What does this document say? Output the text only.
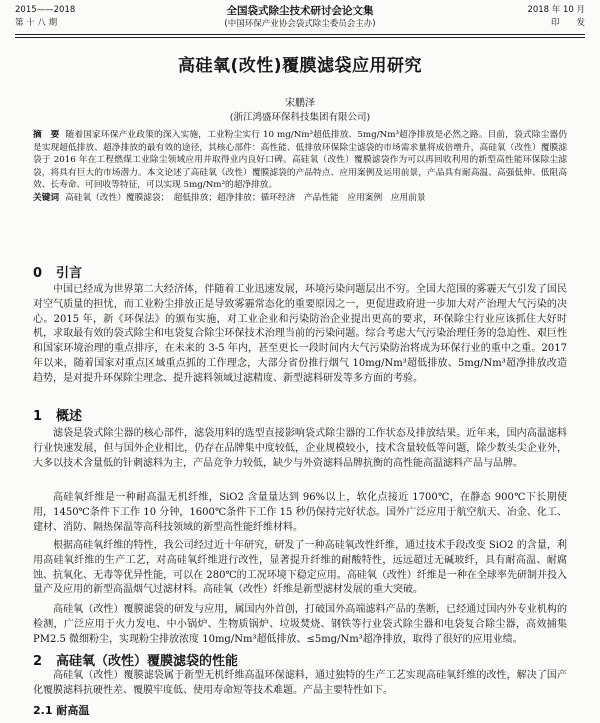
2015——2018
第 十 八 期
全国袋式除尘技术研讨会论文集
(中国环保产业协会袋式除尘委员会主办)
2018 年 10 月
印　　发
高硅氧(改性)覆膜滤袋应用研究
宋鹏泽
(浙江鸿盛环保科技集团有限公司)
摘　要 随着国家环保产业政策的深入实施，工业粉尘实行 10 mg/Nm³超低排放、5mg/Nm³超净排放是必然之路。目前，袋式除尘器仍是实现超低排放、超净排放的最有效的途径，其核心部件：高性能、低排放环保除尘滤袋的市场需求量将成倍增升，高硅氧（改性）覆膜滤袋于 2016 年在工程燃煤工业除尘领域应用并取得业内良好口碑。高硅氧（改性）覆膜滤袋作为可以再回收利用的新型高性能环保除尘滤袋，将具有巨大的市场潜力。本文论述了高硅氧（改性）覆膜滤袋的产品特点、应用案例及运用前景，产品具有耐高温、高强低伸、低阻高效、长寿命、可回收等特征，可以实现 5mg/Nm³的超净排放。
关键词 高硅氧（改性）覆膜滤袋；　超低排放；超净排放；循环经济　产品性能　应用案例　应用前景
0 引言

中国已经成为世界第二大经济体，伴随着工业迅速发展，环境污染问题层出不穷。全国大范围的雾霾天气引发了国民对空气质量的担忧，而工业粉尘排放正是导致雾霾常态化的重要原因之一，更促进政府进一步加大对产治理大气污染的决心。2015 年，新《环保法》的颁布实施，对工业企业和污染防治企业提出更高的要求，环保除尘行业应该抓住大好时机，求取最有效的袋式除尘和电袋复合除尘环保技术治理当前的污染问题。综合考虑大气污染治理任务的急迫性、艰巨性和国家环境治理的重点排序，在未来的 3-5 年内，甚至更长一段时间内大气污染防治将成为环保行业的重中之重。2017 年以来，随着国家对重点区域重点抓的工作理念，大部分省份推行烟气 10mg/Nm³超低排放、5mg/Nm³超净排放改造趋势，是对提升环保除尘理念、提升滤料领域过滤精度、新型滤料研发等多方面的考验。

1 概述

滤袋是袋式除尘器的核心部件，滤袋用料的选型直接影响袋式除尘器的工作状态及排放结果。近年来，国内高温滤料行业快速发展，但与国外企业相比，仍存在品牌集中度较低，企业规模较小，技术含量较低等问题，除少数头尖企业外，大多以技术含量低的针刺滤料为主，产品竞争力较低，缺少与外资滤料品牌抗衡的高性能高温滤料产品与品牌。

高硅氧纤维是一种耐高温无机纤维，SiO2 含量量达到 96%以上，软化点接近 1700℃，在静态 900℃下长期使用，1450℃条件下工作 10 分钟，1600℃条件下工作 15 秒仍保持完好状态。国外广泛应用于航空航天、冶金、化工、建材、消防、隔热保温等高科技领域的新型高性能纤维材料。

根据高硅氧纤维的特性，我公司经过近十年研究，研发了一种高硅氧改性纤维，通过技术手段改变 SiO2 的含量，利用高硅氧纤维的生产工艺，对高硅氧纤维进行改性，显著提升纤维的耐酸特性，远远超过无碱玻纤，具有耐高温、耐腐蚀、抗氧化、无毒等优异性能，可以在 280℃的工况环境下稳定应用。高硅氧（改性）纤维是一种在全球率先研制并投入量产及应用的新型高温烟气过滤材料。高硅氧（改性）纤维是新型滤材发展的重大突破。

高硅氧（改性）覆膜滤袋的研发与应用，属国内外首创，打破国外高端滤料产品的垄断，已经通过国内外专业机构的检测，广泛应用于火力发电、中小锅炉、生物质锅炉、垃圾焚烧、钢铁等行业袋式除尘器和电袋复合除尘器，高效捕集 PM2.5 微细粉尘，实现粉尘排放浓度 10mg/Nm³超低排放、≤5mg/Nm³超净排放，取得了很好的应用业绩。

2 高硅氧（改性）覆膜滤袋的性能

高硅氧（改性）覆膜滤袋属于新型无机纤维高温环保滤料，通过独特的生产工艺实现高硅氧纤维的改性，解决了国产化覆膜滤料抗硬性差、覆膜牢度低、使用寿命短等技术难题。产品主要特性如下。

2.1 耐高温
